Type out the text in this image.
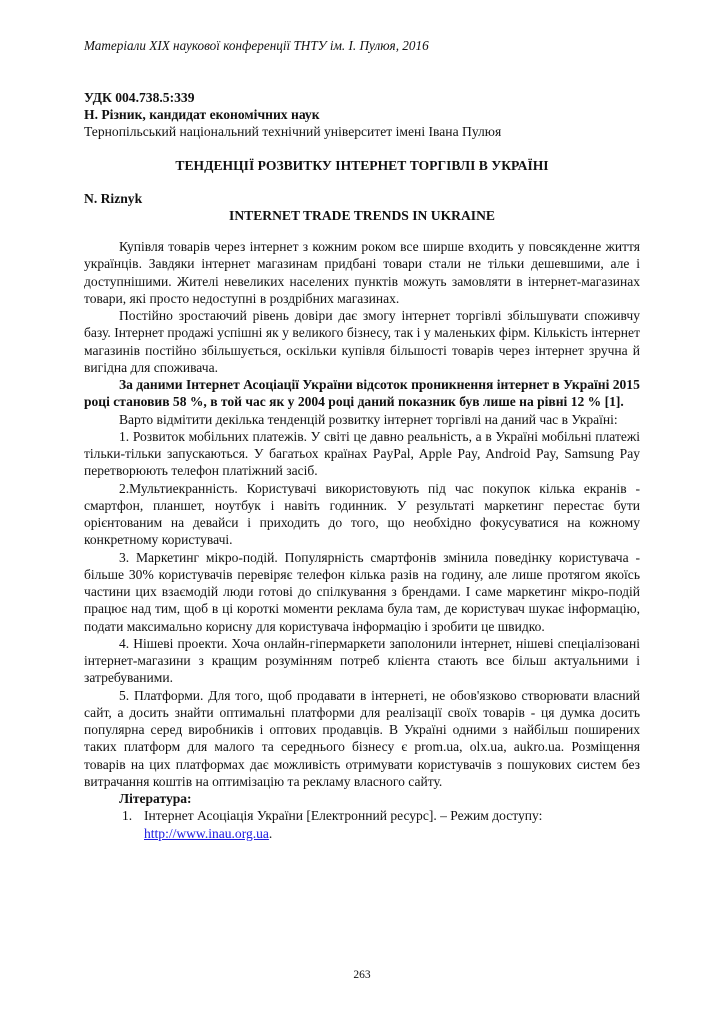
Матеріали ХІХ наукової конференції ТНТУ ім. І. Пулюя, 2016
УДК 004.738.5:339
Н. Різник, кандидат економічних наук
Тернопільський національний технічний університет імені Івана Пулюя
ТЕНДЕНЦІЇ РОЗВИТКУ ІНТЕРНЕТ ТОРГІВЛІ В УКРАЇНІ
N. Riznyk
INTERNET TRADE TRENDS IN UKRAINE

Купівля товарів через інтернет з кожним роком все ширше входить у повсякденне життя українців. Завдяки інтернет магазинам придбані товари стали не тільки дешевшими, але і доступнішими. Жителі невеликих населених пунктів можуть замовляти в інтернет-магазинах товари, які просто недоступні в роздрібних магазинах.

Постійно зростаючий рівень довіри дає змогу інтернет торгівлі збільшувати споживчу базу. Інтернет продажі успішні як у великого бізнесу, так і у маленьких фірм. Кількість інтернет магазинів постійно збільшується, оскільки купівля більшості товарів через інтернет зручна й вигідна для споживача.

За даними Інтернет Асоціації України відсоток проникнення інтернет в Україні 2015 році становив 58 %, в той час як у 2004 році даний показник був лише на рівні 12 % [1].

Варто відмітити декілька тенденцій розвитку інтернет торгівлі на даний час в Україні:

1. Розвиток мобільних платежів. У світі це давно реальність, а в Україні мобільні платежі тільки-тільки запускаються. У багатьох країнах PayPal, Apple Pay, Android Pay, Samsung Pay перетворюють телефон платіжний засіб.

2.Мультиекранність. Користувачі використовують під час покупок кілька екранів - смартфон, планшет, ноутбук і навіть годинник. У результаті маркетинг перестає бути орієнтованим на девайси і приходить до того, що необхідно фокусуватися на кожному конкретному користувачі.

3. Маркетинг мікро-подій. Популярність смартфонів змінила поведінку користувача - більше 30% користувачів перевіряє телефон кілька разів на годину, але лише протягом якоїсь частини цих взаємодій люди готові до спілкування з брендами. І саме маркетинг мікро-подій працює над тим, щоб в ці короткі моменти реклама була там, де користувач шукає інформацію, подати максимально корисну для користувача інформацію і зробити це швидко.

4. Нішеві проекти. Хоча онлайн-гіпермаркети заполонили інтернет, нішеві спеціалізовані інтернет-магазини з кращим розумінням потреб клієнта стають все більш актуальними і затребуваними.

5. Платформи. Для того, щоб продавати в інтернеті, не обов'язково створювати власний сайт, а досить знайти оптимальні платформи для реалізації своїх товарів - ця думка досить популярна серед виробників і оптових продавців. В Україні одними з найбільш поширених таких платформ для малого та середнього бізнесу є prom.ua, olx.ua, aukro.ua. Розміщення товарів на цих платформах дає можливість отримувати користувачів з пошукових систем без витрачання коштів на оптимізацію та рекламу власного сайту.

Література:

1. Інтернет Асоціація України [Електронний ресурс]. – Режим доступу:
http://www.inau.org.ua.

263
